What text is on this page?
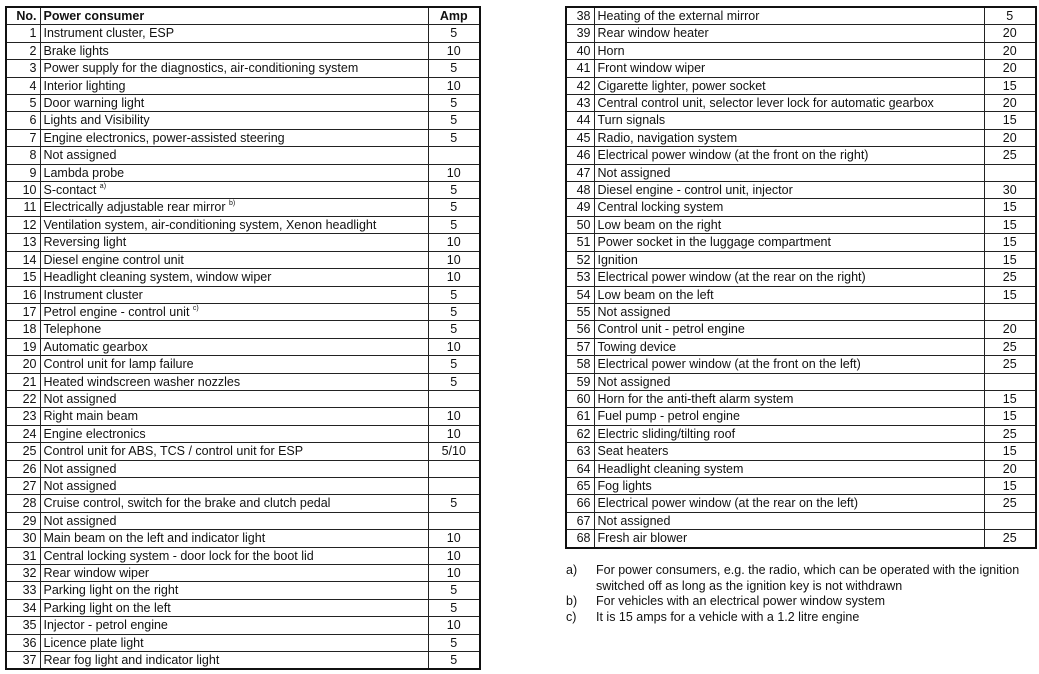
No.	Power consumer	Amp
1	Instrument cluster, ESP	5
2	Brake lights	10
3	Power supply for the diagnostics, air-conditioning system	5
4	Interior lighting	10
5	Door warning light	5
6	Lights and Visibility	5
7	Engine electronics, power-assisted steering	5
8	Not assigned	
9	Lambda probe	10
10	S-contact $^{a)}$	5
11	Electrically adjustable rear mirror $^{b)}$	5
12	Ventilation system, air-conditioning system, Xenon headlight	5
13	Reversing light	10
14	Diesel engine control unit	10
15	Headlight cleaning system, window wiper	10
16	Instrument cluster	5
17	Petrol engine - control unit $^{c)}$	5
18	Telephone	5
19	Automatic gearbox	10
20	Control unit for lamp failure	5
21	Heated windscreen washer nozzles	5
22	Not assigned	
23	Right main beam	10
24	Engine electronics	10
25	Control unit for ABS, TCS / control unit for ESP	5/10
26	Not assigned	
27	Not assigned	
28	Cruise control, switch for the brake and clutch pedal	5
29	Not assigned	
30	Main beam on the left and indicator light	10
31	Central locking system - door lock for the boot lid	10
32	Rear window wiper	10
33	Parking light on the right	5
34	Parking light on the left	5
35	Injector - petrol engine	10
36	Licence plate light	5
37	Rear fog light and indicator light	5
38	Heating of the external mirror	5
39	Rear window heater	20
40	Horn	20
41	Front window wiper	20
42	Cigarette lighter, power socket	15
43	Central control unit, selector lever lock for automatic gearbox	20
44	Turn signals	15
45	Radio, navigation system	20
46	Electrical power window (at the front on the right)	25
47	Not assigned	
48	Diesel engine - control unit, injector	30
49	Central locking system	15
50	Low beam on the right	15
51	Power socket in the luggage compartment	15
52	Ignition	15
53	Electrical power window (at the rear on the right)	25
54	Low beam on the left	15
55	Not assigned	
56	Control unit - petrol engine	20
57	Towing device	25
58	Electrical power window (at the front on the left)	25
59	Not assigned	
60	Horn for the anti-theft alarm system	15
61	Fuel pump - petrol engine	15
62	Electric sliding/tilting roof	25
63	Seat heaters	15
64	Headlight cleaning system	20
65	Fog lights	15
66	Electrical power window (at the rear on the left)	25
67	Not assigned	
68	Fresh air blower	25
a)	For power consumers, e.g. the radio, which can be operated with the ignition switched off as long as the ignition key is not withdrawn
b)	For vehicles with an electrical power window system
c)	It is 15 amps for a vehicle with a 1.2 litre engine
